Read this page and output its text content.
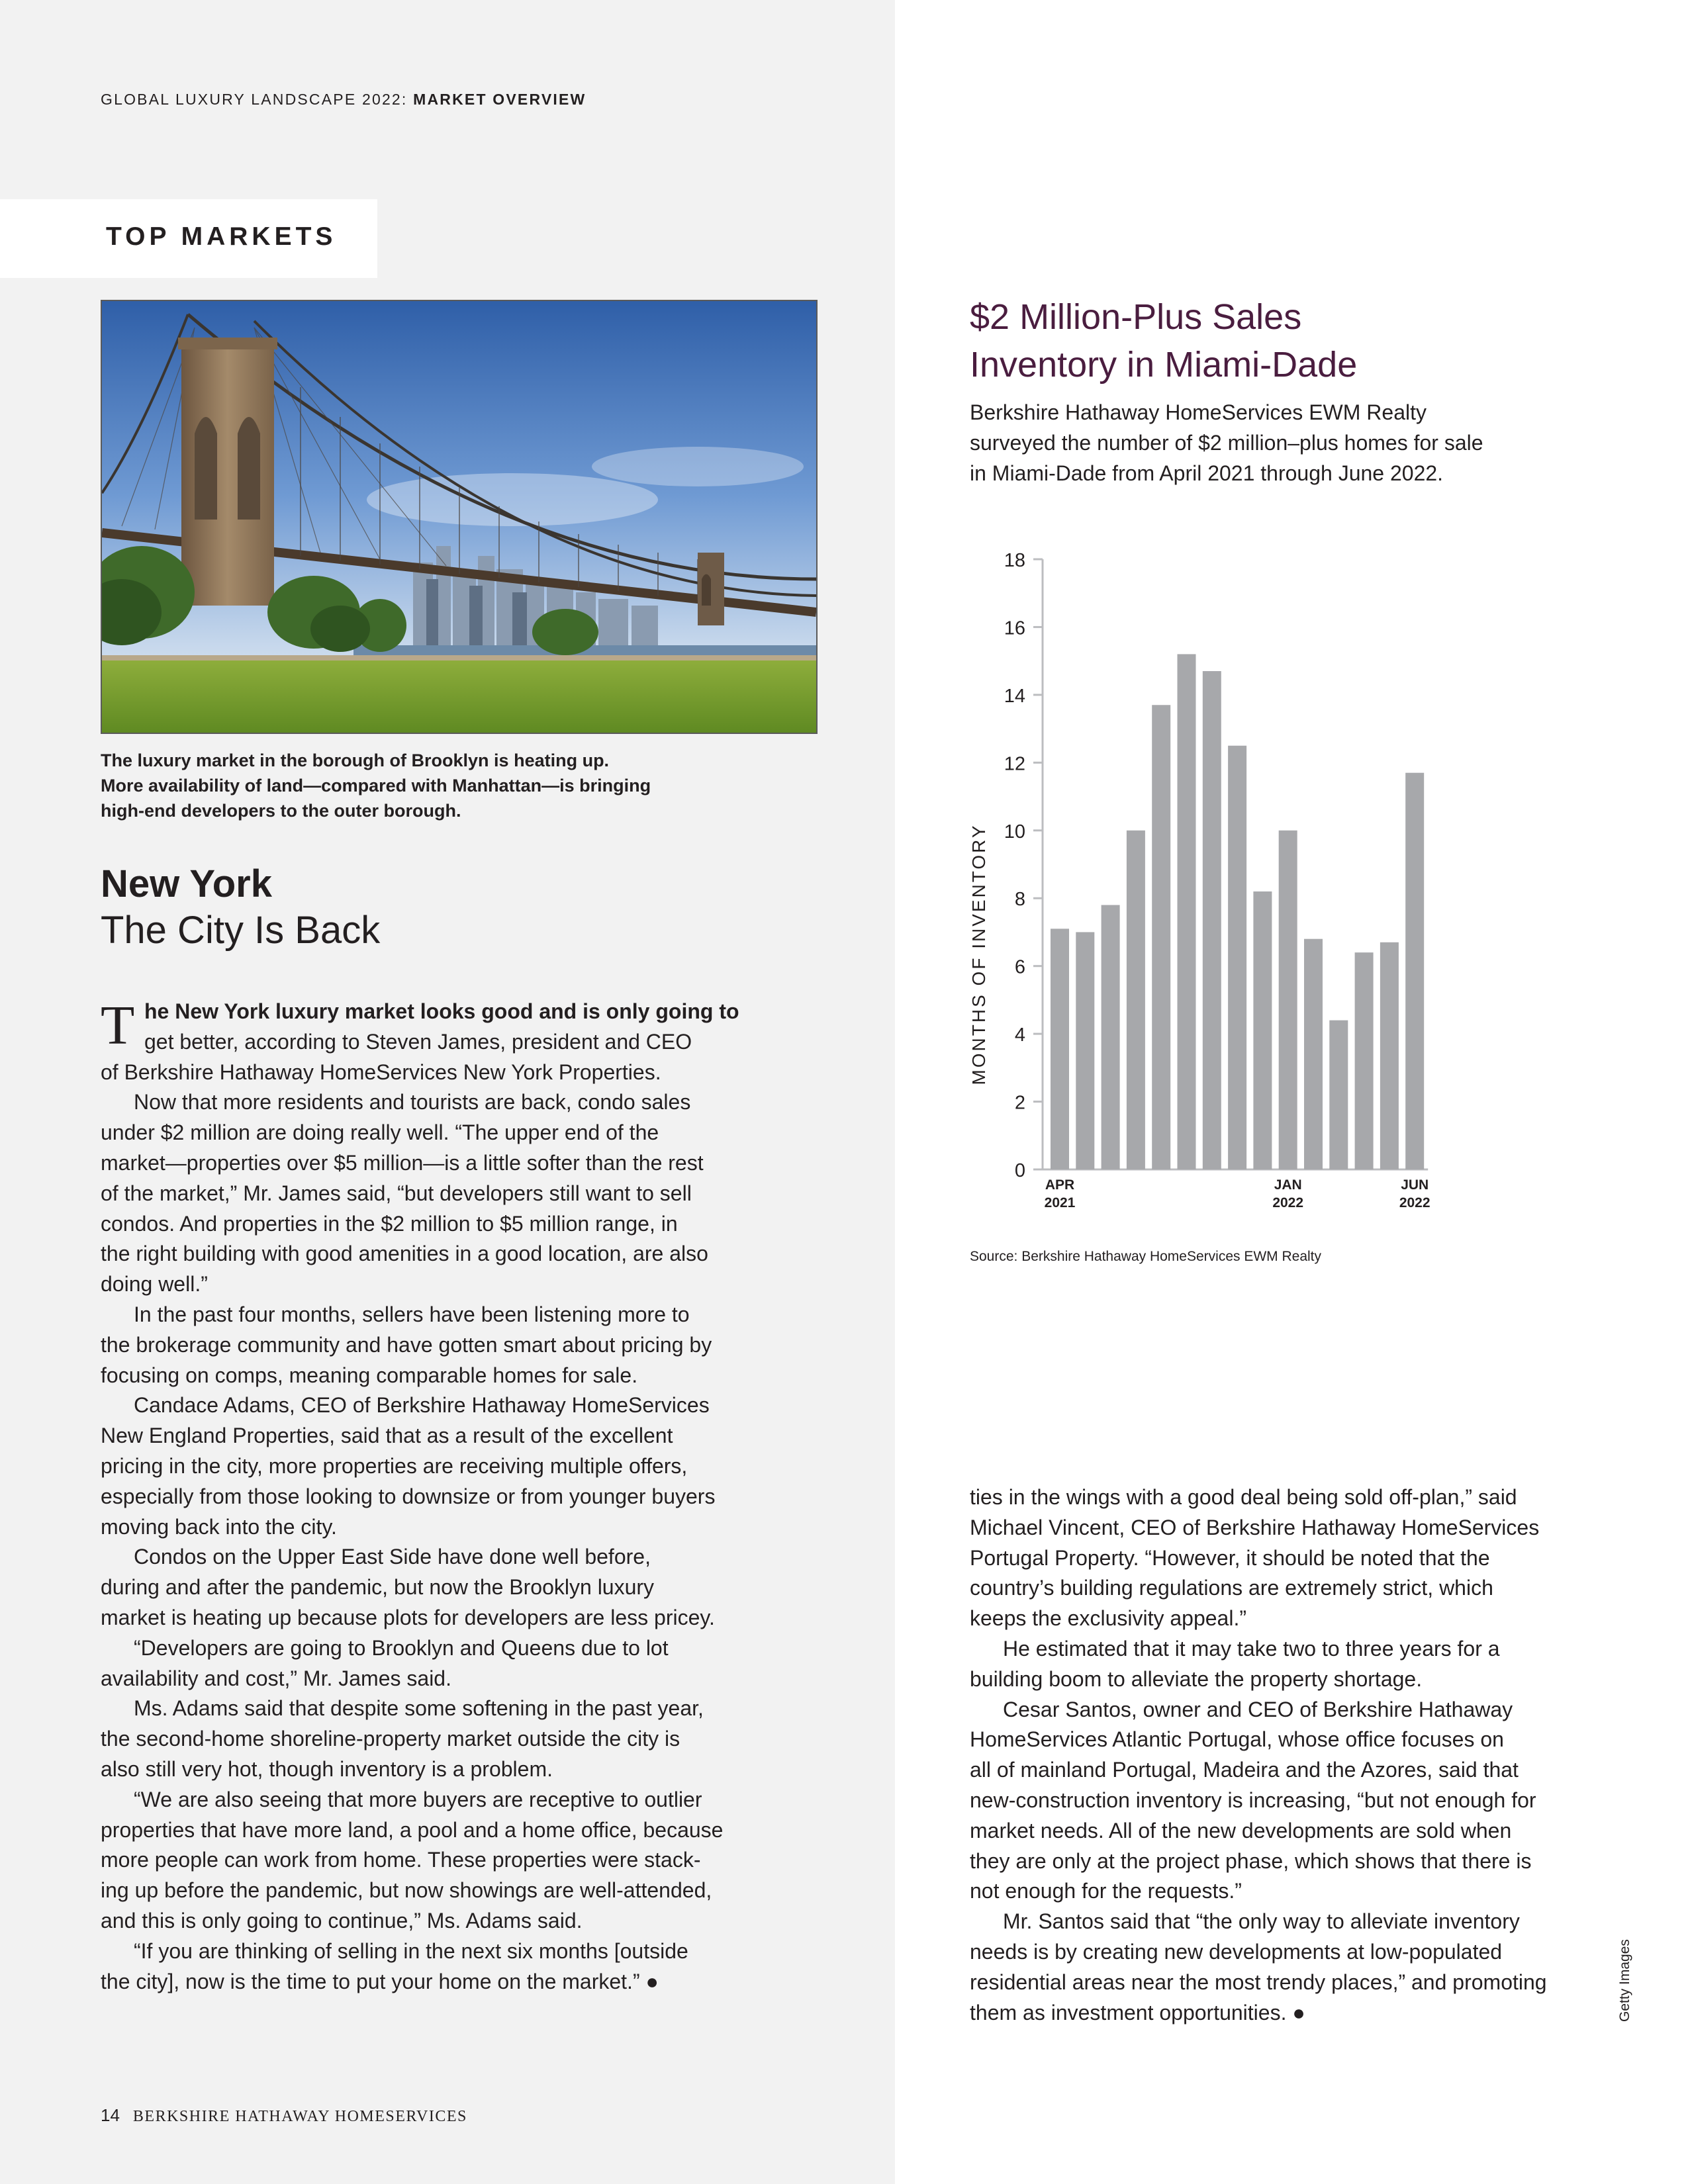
GLOBAL LUXURY LANDSCAPE 2022: MARKET OVERVIEW
TOP MARKETS
The luxury market in the borough of Brooklyn is heating up.
More availability of land—compared with Manhattan—is bringing
high-end developers to the outer borough.
New York
The City Is Back
T he New York luxury market looks good and is only going to
get better, according to Steven James, president and CEO
of Berkshire Hathaway HomeServices New York Properties.
Now that more residents and tourists are back, condo sales
under $2 million are doing really well. “The upper end of the
market—properties over $5 million—is a little softer than the rest
of the market,” Mr. James said, “but developers still want to sell
condos. And properties in the $2 million to $5 million range, in
the right building with good amenities in a good location, are also
doing well.”
In the past four months, sellers have been listening more to
the brokerage community and have gotten smart about pricing by
focusing on comps, meaning comparable homes for sale.
Candace Adams, CEO of Berkshire Hathaway HomeServices
New England Properties, said that as a result of the excellent
pricing in the city, more properties are receiving multiple offers,
especially from those looking to downsize or from younger buyers
moving back into the city.
Condos on the Upper East Side have done well before,
during and after the pandemic, but now the Brooklyn luxury
market is heating up because plots for developers are less pricey.
“Developers are going to Brooklyn and Queens due to lot
availability and cost,” Mr. James said.
Ms. Adams said that despite some softening in the past year,
the second-home shoreline-property market outside the city is
also still very hot, though inventory is a problem.
“We are also seeing that more buyers are receptive to outlier
properties that have more land, a pool and a home office, because
more people can work from home. These properties were stack-
ing up before the pandemic, but now showings are well-attended,
and this is only going to continue,” Ms. Adams said.
“If you are thinking of selling in the next six months [outside
the city], now is the time to put your home on the market.” ●
$2 Million-Plus Sales
Inventory in Miami-Dade
Berkshire Hathaway HomeServices EWM Realty
surveyed the number of $2 million–plus homes for sale
in Miami-Dade from April 2021 through June 2022.
0
2
4
6
8
10
12
14
16
18
APR
2021
JAN
2022
JUN
2022
MONTHS OF INVENTORY
Source: Berkshire Hathaway HomeServices EWM Realty
ties in the wings with a good deal being sold off-plan,” said
Michael Vincent, CEO of Berkshire Hathaway HomeServices
Portugal Property. “However, it should be noted that the
country’s building regulations are extremely strict, which
keeps the exclusivity appeal.”
He estimated that it may take two to three years for a
building boom to alleviate the property shortage.
Cesar Santos, owner and CEO of Berkshire Hathaway
HomeServices Atlantic Portugal, whose office focuses on
all of mainland Portugal, Madeira and the Azores, said that
new-construction inventory is increasing, “but not enough for
market needs. All of the new developments are sold when
they are only at the project phase, which shows that there is
not enough for the requests.”
Mr. Santos said that “the only way to alleviate inventory
needs is by creating new developments at low-populated
residential areas near the most trendy places,” and promoting
them as investment opportunities. ●	Getty Images
14 BERKSHIRE HATHAWAY HOMESERVICES
